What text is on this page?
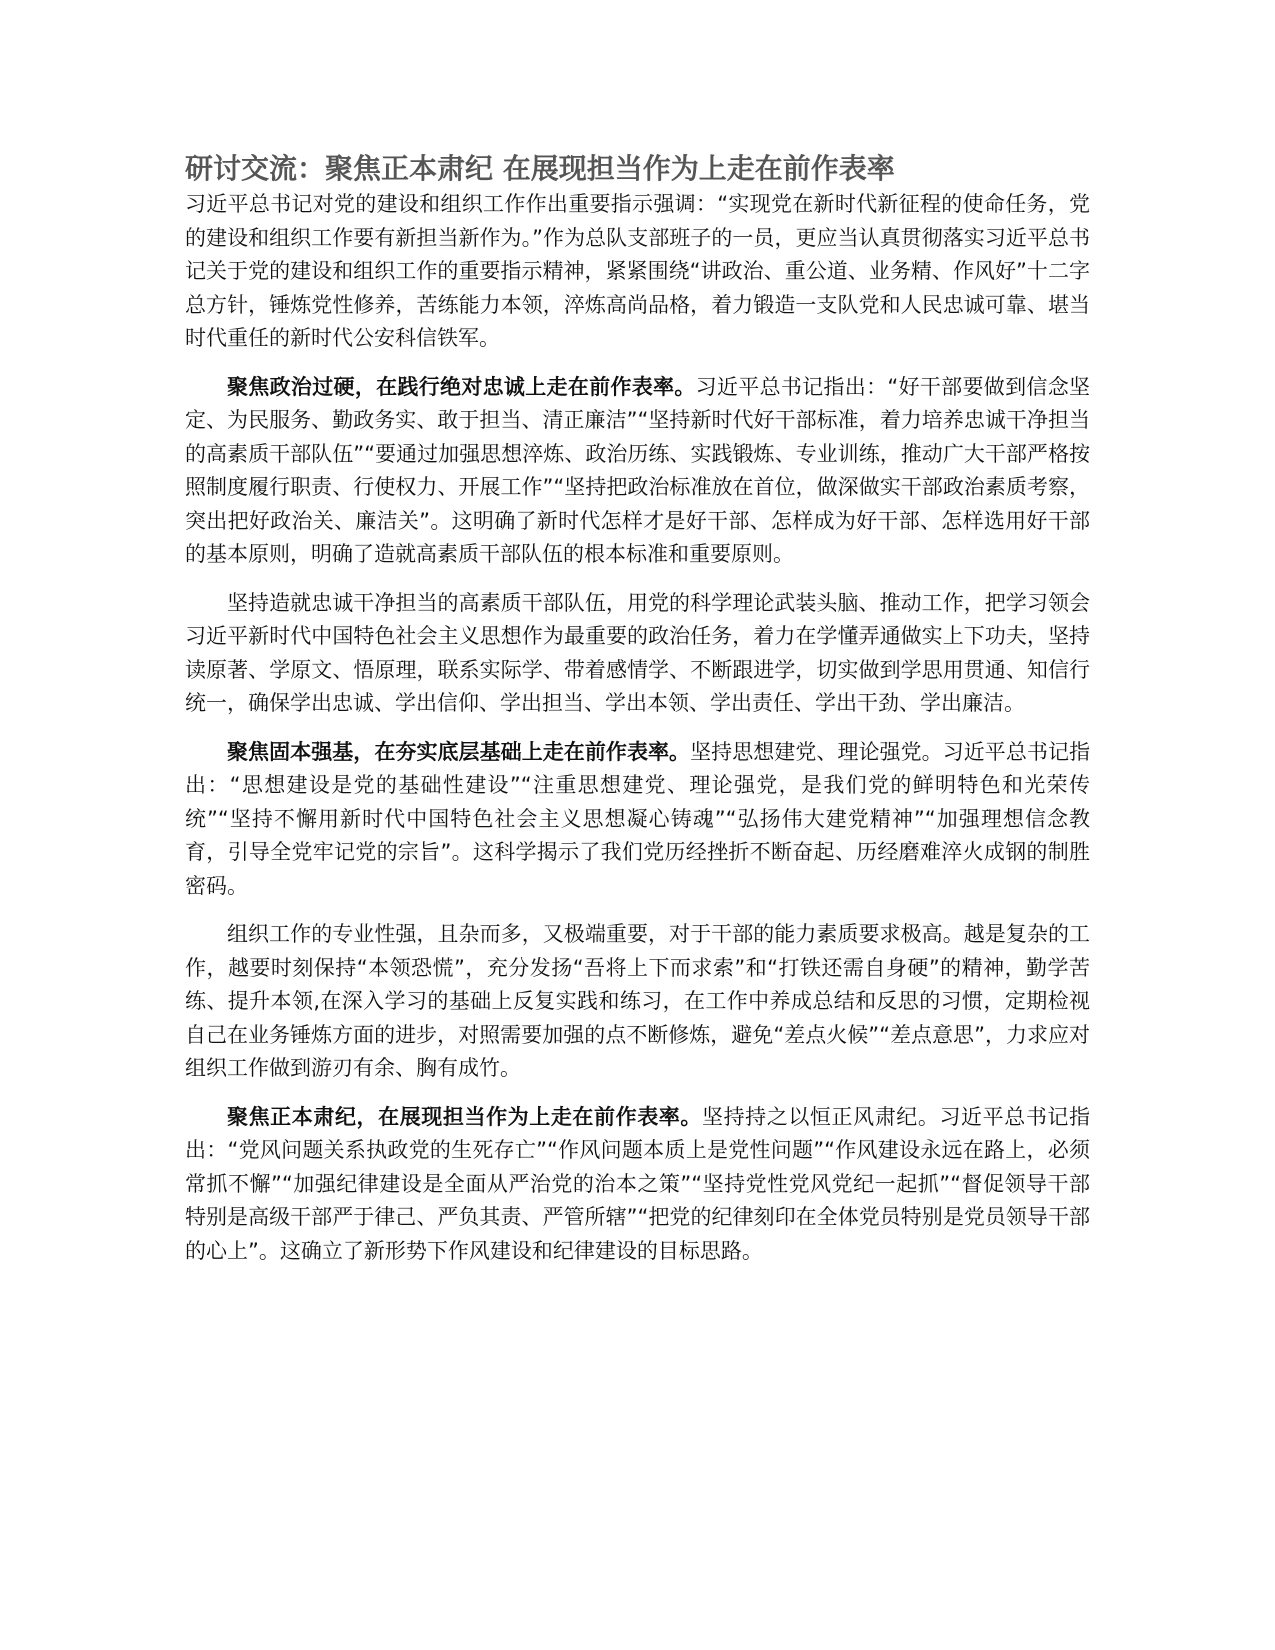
研讨交流：聚焦正本肃纪 在展现担当作为上走在前作表率

习近平总书记对党的建设和组织工作作出重要指示强调：“实现党在新时代新征程的使命任务，党的建设和组织工作要有新担当新作为。”作为总队支部班子的一员，更应当认真贯彻落实习近平总书记关于党的建设和组织工作的重要指示精神，紧紧围绕“讲政治、重公道、业务精、作风好”十二字总方针，锤炼党性修养，苦练能力本领，淬炼高尚品格，着力锻造一支队党和人民忠诚可靠、堪当时代重任的新时代公安科信铁军。

聚焦政治过硬，在践行绝对忠诚上走在前作表率。习近平总书记指出：“好干部要做到信念坚定、为民服务、勤政务实、敢于担当、清正廉洁”“坚持新时代好干部标准，着力培养忠诚干净担当的高素质干部队伍”“要通过加强思想淬炼、政治历练、实践锻炼、专业训练，推动广大干部严格按照制度履行职责、行使权力、开展工作”“坚持把政治标准放在首位，做深做实干部政治素质考察，突出把好政治关、廉洁关”。这明确了新时代怎样才是好干部、怎样成为好干部、怎样选用好干部的基本原则，明确了造就高素质干部队伍的根本标准和重要原则。

坚持造就忠诚干净担当的高素质干部队伍，用党的科学理论武装头脑、推动工作，把学习领会习近平新时代中国特色社会主义思想作为最重要的政治任务，着力在学懂弄通做实上下功夫，坚持读原著、学原文、悟原理，联系实际学、带着感情学、不断跟进学，切实做到学思用贯通、知信行统一，确保学出忠诚、学出信仰、学出担当、学出本领、学出责任、学出干劲、学出廉洁。

聚焦固本强基，在夯实底层基础上走在前作表率。坚持思想建党、理论强党。习近平总书记指出：“思想建设是党的基础性建设”“注重思想建党、理论强党，是我们党的鲜明特色和光荣传统”“坚持不懈用新时代中国特色社会主义思想凝心铸魂”“弘扬伟大建党精神”“加强理想信念教育，引导全党牢记党的宗旨”。这科学揭示了我们党历经挫折不断奋起、历经磨难淬火成钢的制胜密码。

组织工作的专业性强，且杂而多，又极端重要，对于干部的能力素质要求极高。越是复杂的工作，越要时刻保持“本领恐慌”，充分发扬“吾将上下而求索”和“打铁还需自身硬”的精神，勤学苦练、提升本领,在深入学习的基础上反复实践和练习，在工作中养成总结和反思的习惯，定期检视自己在业务锤炼方面的进步，对照需要加强的点不断修炼，避免“差点火候”“差点意思”，力求应对组织工作做到游刃有余、胸有成竹。

聚焦正本肃纪，在展现担当作为上走在前作表率。坚持持之以恒正风肃纪。习近平总书记指出：“党风问题关系执政党的生死存亡”“作风问题本质上是党性问题”“作风建设永远在路上，必须常抓不懈”“加强纪律建设是全面从严治党的治本之策”“坚持党性党风党纪一起抓”“督促领导干部特别是高级干部严于律己、严负其责、严管所辖”“把党的纪律刻印在全体党员特别是党员领导干部的心上”。这确立了新形势下作风建设和纪律建设的目标思路。
